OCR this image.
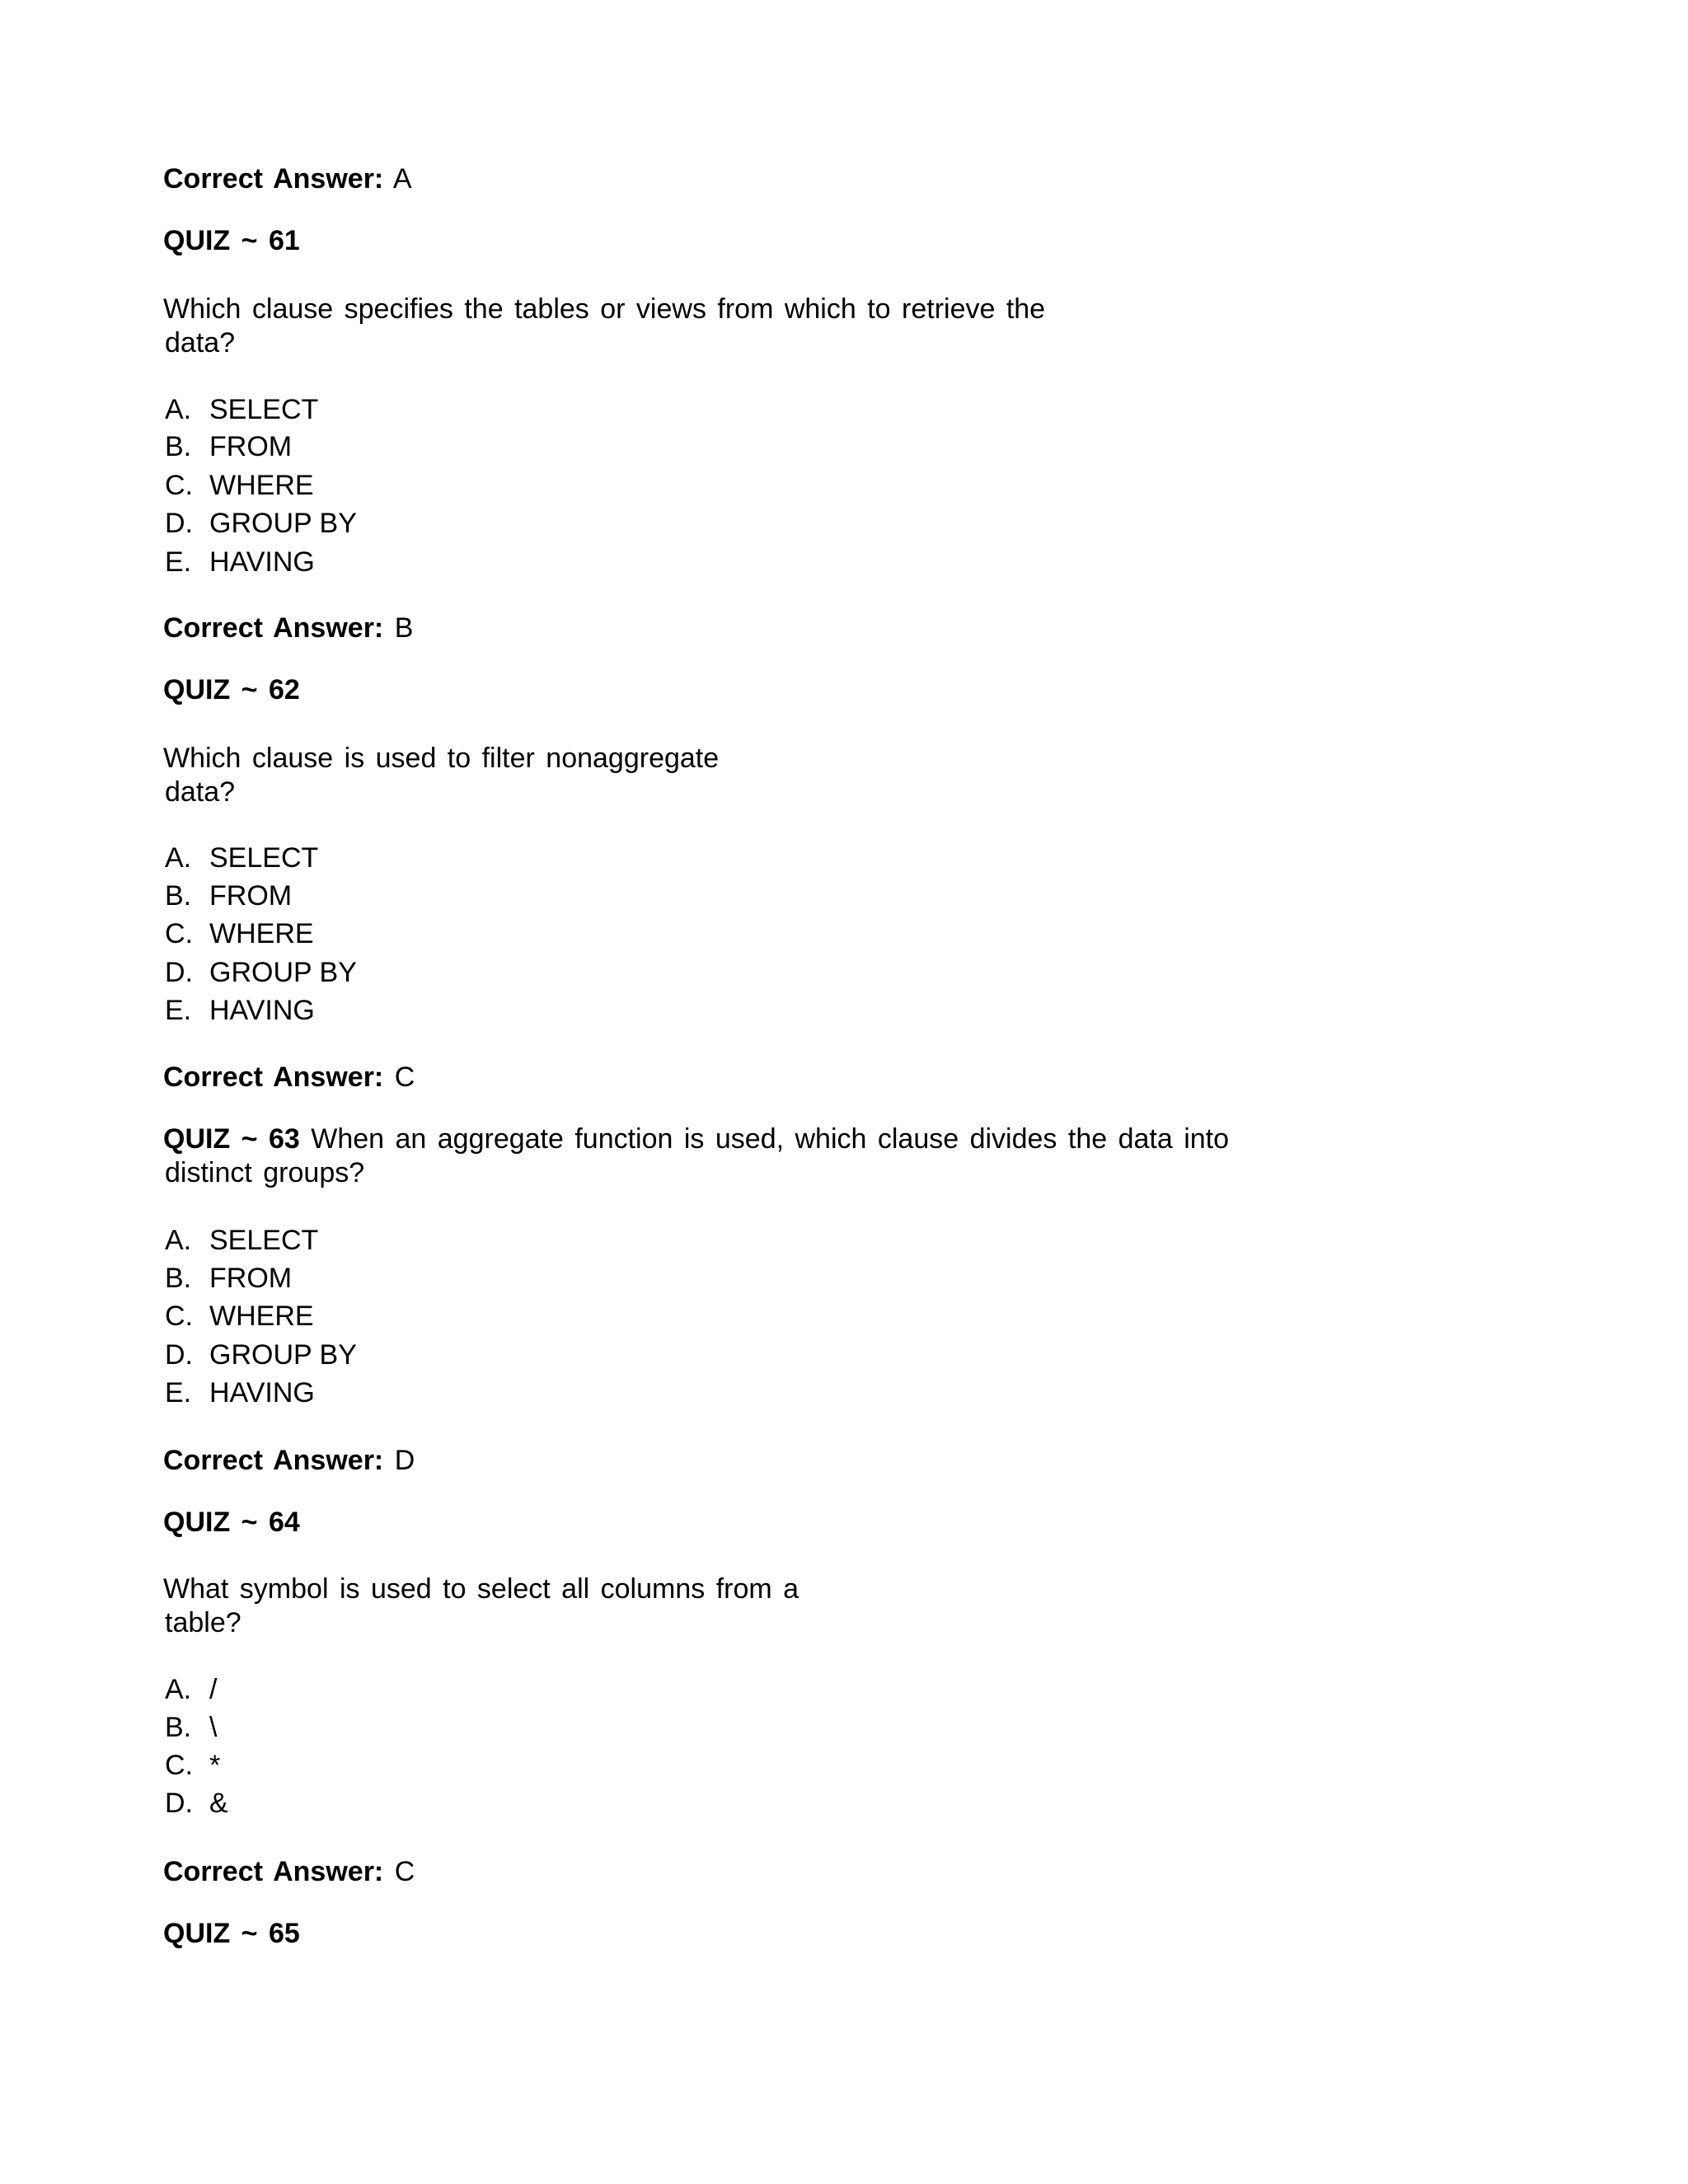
Correct Answer: A
QUIZ ~ 61
Which clause specifies the tables or views from which to retrieve the
data?
A. SELECT
B. FROM
C. WHERE
D. GROUP BY
E. HAVING
Correct Answer: B
QUIZ ~ 62
Which clause is used to filter nonaggregate
data?
A. SELECT
B. FROM
C. WHERE
D. GROUP BY
E. HAVING
Correct Answer: C
QUIZ ~ 63 When an aggregate function is used, which clause divides the data into
distinct groups?
A. SELECT
B. FROM
C. WHERE
D. GROUP BY
E. HAVING
Correct Answer: D
QUIZ ~ 64
What symbol is used to select all columns from a
table?
A. /
B. \
C. *
D. &
Correct Answer: C
QUIZ ~ 65
